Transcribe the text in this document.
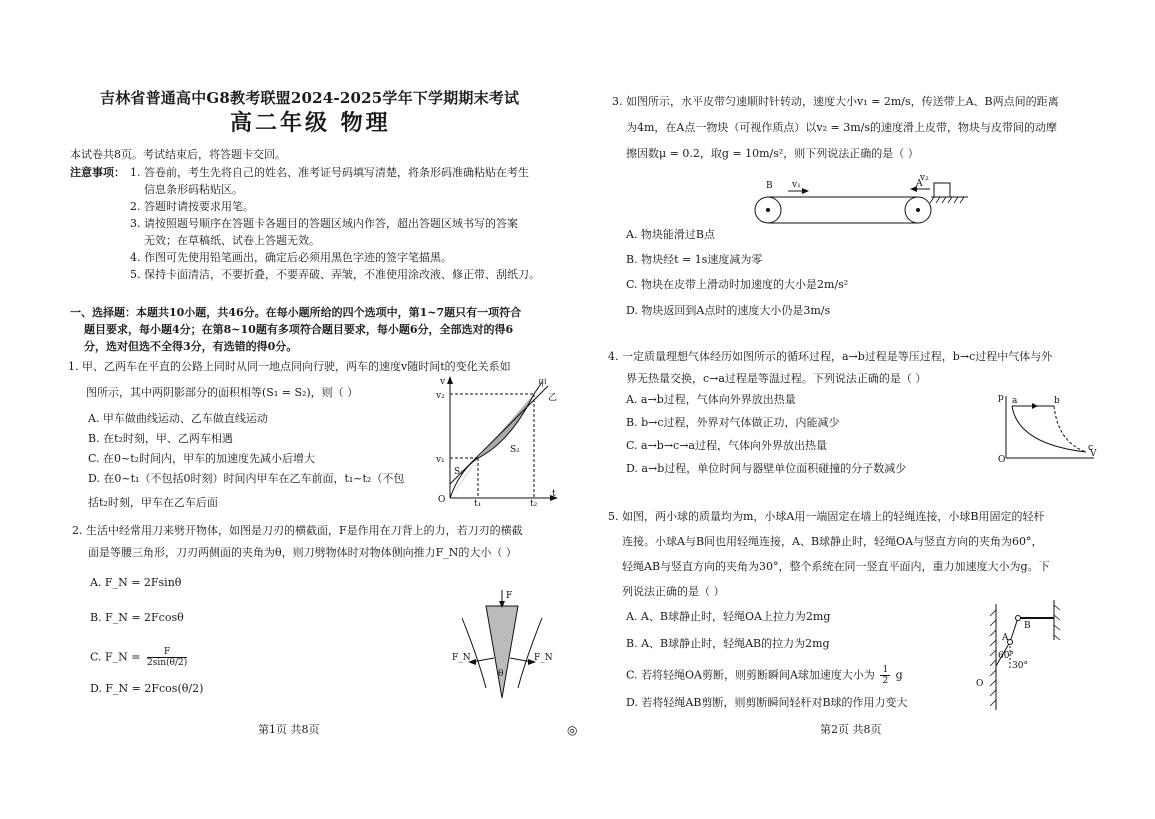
吉林省普通高中G8教考联盟2024-2025学年下学期期末考试
高二年级 物理
本试卷共8页。考试结束后，将答题卡交回。
注意事项： 1. 答卷前，考生先将自己的姓名、准考证号码填写清楚，将条形码准确粘贴在考生
信息条形码粘贴区。
2. 答题时请按要求用笔。
3. 请按照题号顺序在答题卡各题目的答题区域内作答，超出答题区域书写的答案
无效；在草稿纸、试卷上答题无效。
4. 作图可先使用铅笔画出，确定后必须用黑色字迹的签字笔描黑。
5. 保持卡面清洁，不要折叠，不要弄破、弄皱，不准使用涂改液、修正带、刮纸刀。
一、选择题：本题共10小题，共46分。在每小题所给的四个选项中，第1~7题只有一项符合
题目要求，每小题4分；在第8~10题有多项符合题目要求，每小题6分，全部选对的得6
分，选对但选不全得3分，有选错的得0分。
1. 甲、乙两车在平直的公路上同时从同一地点同向行驶，两车的速度v随时间t的变化关系如
图所示，其中两阴影部分的面积相等(S₁ = S₂)，则（ ）
A. 甲车做曲线运动、乙车做直线运动
B. 在t₂时刻，甲、乙两车相遇
C. 在0~t₂时间内，甲车的加速度先减小后增大
D. 在0~t₁（不包括0时刻）时间内甲车在乙车前面，t₁~t₂（不包
括t₂时刻，甲车在乙车后面
v
t
O
v₂
v₁
t₁	t₂
S₁
S₂
甲
乙
2. 生活中经常用刀来劈开物体，如图是刀刃的横截面，F是作用在刀背上的力，若刀刃的横截
面是等腰三角形，刀刃两侧面的夹角为θ，则刀劈物体时对物体侧向推力F_N的大小（ ）
A. F_N = 2Fsinθ
B. F_N = 2Fcosθ
C. F_N = $\frac{F}{2\sin(\theta/2)}$
D. F_N = 2Fcos(θ/2)
F
F_N	F_N
θ
第1页 共8页	◎
3. 如图所示，水平皮带匀速顺时针转动，速度大小v₁ = 2m/s，传送带上A、B两点间的距离
为4m，在A点一物块（可视作质点）以v₂ = 3m/s的速度滑上皮带，物块与皮带间的动摩
擦因数μ = 0.2，取g = 10m/s²，则下列说法正确的是（ ）
B	A
v₁
v₂
A. 物块能滑过B点
B. 物块经t = 1s速度减为零
C. 物块在皮带上滑动时加速度的大小是2m/s²
D. 物块返回到A点时的速度大小仍是3m/s
4. 一定质量理想气体经历如图所示的循环过程，a→b过程是等压过程，b→c过程中气体与外
界无热量交换，c→a过程是等温过程。下列说法正确的是（ ）
A. a→b过程，气体向外界放出热量
B. b→c过程，外界对气体做正功，内能减少
C. a→b→c→a过程，气体向外界放出热量
D. a→b过程，单位时间与器壁单位面积碰撞的分子数减少
p
V
O
a	b
c
5. 如图，两小球的质量均为m，小球A用一端固定在墙上的轻绳连接，小球B用固定的轻杆
连接。小球A与B间也用轻绳连接，A、B球静止时，轻绳OA与竖直方向的夹角为60°，
轻绳AB与竖直方向的夹角为30°，整个系统在同一竖直平面内，重力加速度大小为g。下
列说法正确的是（ ）
A. A、B球静止时，轻绳OA上拉力为2mg
B. A、B球静止时，轻绳AB的拉力为2mg
C. 若将轻绳OA剪断，则剪断瞬间A球加速度大小为 $\frac{1}{2}$ g
D. 若将轻绳AB剪断，则剪断瞬间轻杆对B球的作用力变大
O
A
B
60°
30°
第2页 共8页
